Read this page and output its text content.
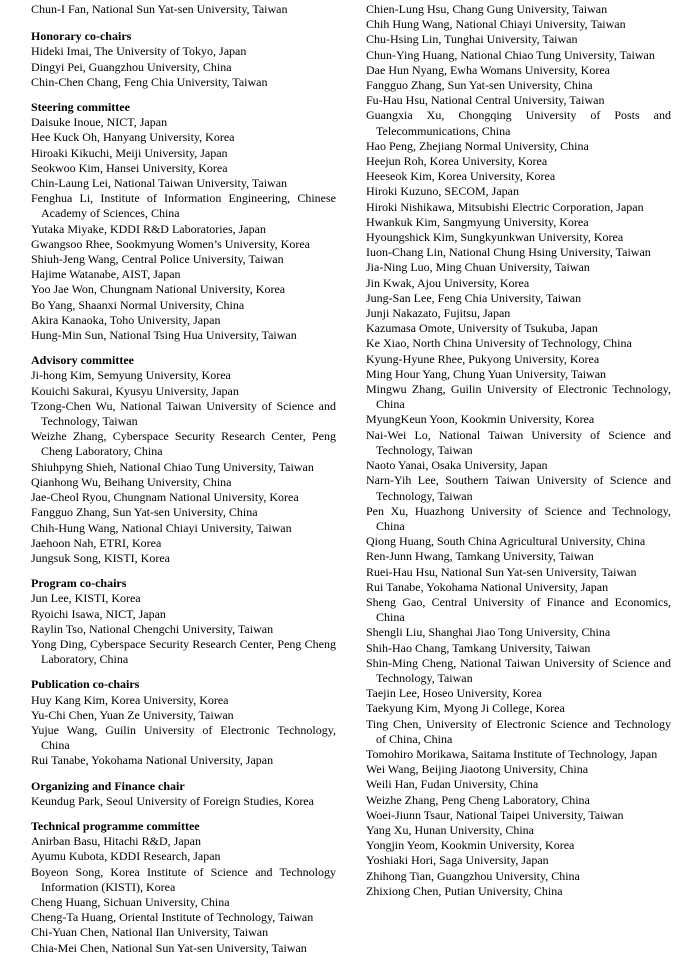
Chun-I Fan, National Sun Yat-sen University, Taiwan
Honorary co-chairs
Hideki Imai, The University of Tokyo, Japan
Dingyi Pei, Guangzhou University, China
Chin-Chen Chang, Feng Chia University, Taiwan
Steering committee
Daisuke Inoue, NICT, Japan
Hee Kuck Oh, Hanyang University, Korea
Hiroaki Kikuchi, Meiji University, Japan
Seokwoo Kim, Hansei University, Korea
Chin-Laung Lei, National Taiwan University, Taiwan
Fenghua Li, Institute of Information Engineering, Chinese Academy of Sciences, China
Yutaka Miyake, KDDI R&D Laboratories, Japan
Gwangsoo Rhee, Sookmyung Women’s University, Korea
Shiuh-Jeng Wang, Central Police University, Taiwan
Hajime Watanabe, AIST, Japan
Yoo Jae Won, Chungnam National University, Korea
Bo Yang, Shaanxi Normal University, China
Akira Kanaoka, Toho University, Japan
Hung-Min Sun, National Tsing Hua University, Taiwan
Advisory committee
Ji-hong Kim, Semyung University, Korea
Kouichi Sakurai, Kyusyu University, Japan
Tzong-Chen Wu, National Taiwan University of Science and Technology, Taiwan
Weizhe Zhang, Cyberspace Security Research Center, Peng Cheng Laboratory, China
Shiuhpyng Shieh, National Chiao Tung University, Taiwan
Qianhong Wu, Beihang University, China
Jae-Cheol Ryou, Chungnam National University, Korea
Fangguo Zhang, Sun Yat-sen University, China
Chih-Hung Wang, National Chiayi University, Taiwan
Jaehoon Nah, ETRI, Korea
Jungsuk Song, KISTI, Korea
Program co-chairs
Jun Lee, KISTI, Korea
Ryoichi Isawa, NICT, Japan
Raylin Tso, National Chengchi University, Taiwan
Yong Ding, Cyberspace Security Research Center, Peng Cheng Laboratory, China
Publication co-chairs
Huy Kang Kim, Korea University, Korea
Yu-Chi Chen, Yuan Ze University, Taiwan
Yujue Wang, Guilin University of Electronic Technology, China
Rui Tanabe, Yokohama National University, Japan
Organizing and Finance chair
Keundug Park, Seoul University of Foreign Studies, Korea
Technical programme committee
Anirban Basu, Hitachi R&D, Japan
Ayumu Kubota, KDDI Research, Japan
Boyeon Song, Korea Institute of Science and Technology Information (KISTI), Korea
Cheng Huang, Sichuan University, China
Cheng-Ta Huang, Oriental Institute of Technology, Taiwan
Chi-Yuan Chen, National Ilan University, Taiwan
Chia-Mei Chen, National Sun Yat-sen University, Taiwan
Chien-Lung Hsu, Chang Gung University, Taiwan
Chih Hung Wang, National Chiayi University, Taiwan
Chu-Hsing Lin, Tunghai University, Taiwan
Chun-Ying Huang, National Chiao Tung University, Taiwan
Dae Hun Nyang, Ewha Womans University, Korea
Fangguo Zhang, Sun Yat-sen University, China
Fu-Hau Hsu, National Central University, Taiwan
Guangxia Xu, Chongqing University of Posts and Telecommunications, China
Hao Peng, Zhejiang Normal University, China
Heejun Roh, Korea University, Korea
Heeseok Kim, Korea University, Korea
Hiroki Kuzuno, SECOM, Japan
Hiroki Nishikawa, Mitsubishi Electric Corporation, Japan
Hwankuk Kim, Sangmyung University, Korea
Hyoungshick Kim, Sungkyunkwan University, Korea
Iuon-Chang Lin, National Chung Hsing University, Taiwan
Jia-Ning Luo, Ming Chuan University, Taiwan
Jin Kwak, Ajou University, Korea
Jung-San Lee, Feng Chia University, Taiwan
Junji Nakazato, Fujitsu, Japan
Kazumasa Omote, University of Tsukuba, Japan
Ke Xiao, North China University of Technology, China
Kyung-Hyune Rhee, Pukyong University, Korea
Ming Hour Yang, Chung Yuan University, Taiwan
Mingwu Zhang, Guilin University of Electronic Technology, China
MyungKeun Yoon, Kookmin University, Korea
Nai-Wei Lo, National Taiwan University of Science and Technology, Taiwan
Naoto Yanai, Osaka University, Japan
Narn-Yih Lee, Southern Taiwan University of Science and Technology, Taiwan
Pen Xu, Huazhong University of Science and Technology, China
Qiong Huang, South China Agricultural University, China
Ren-Junn Hwang, Tamkang University, Taiwan
Ruei-Hau Hsu, National Sun Yat-sen University, Taiwan
Rui Tanabe, Yokohama National University, Japan
Sheng Gao, Central University of Finance and Economics, China
Shengli Liu, Shanghai Jiao Tong University, China
Shih-Hao Chang, Tamkang University, Taiwan
Shin-Ming Cheng, National Taiwan University of Science and Technology, Taiwan
Taejin Lee, Hoseo University, Korea
Taekyung Kim, Myong Ji College, Korea
Ting Chen, University of Electronic Science and Technology of China, China
Tomohiro Morikawa, Saitama Institute of Technology, Japan
Wei Wang, Beijing Jiaotong University, China
Weili Han, Fudan University, China
Weizhe Zhang, Peng Cheng Laboratory, China
Woei-Jiunn Tsaur, National Taipei University, Taiwan
Yang Xu, Hunan University, China
Yongjin Yeom, Kookmin University, Korea
Yoshiaki Hori, Saga University, Japan
Zhihong Tian, Guangzhou University, China
Zhixiong Chen, Putian University, China
